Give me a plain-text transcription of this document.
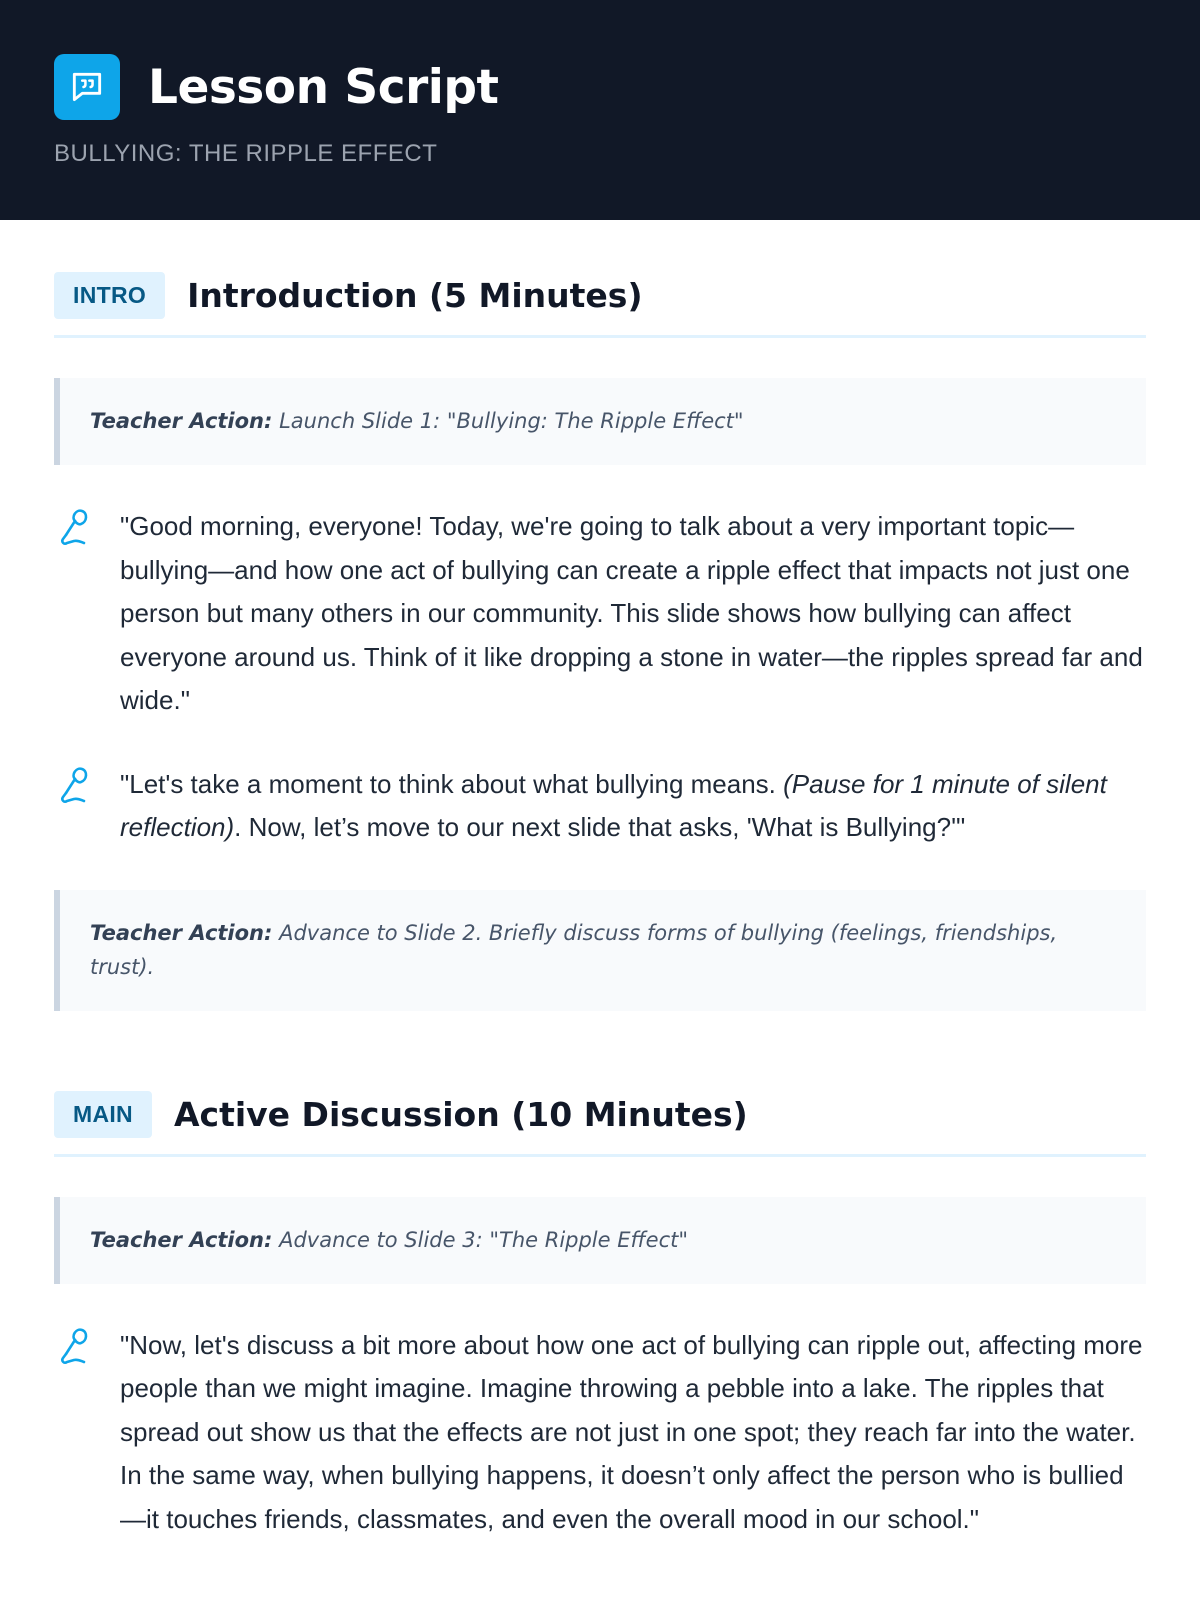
Lesson Script
BULLYING: THE RIPPLE EFFECT
INTRO	Introduction (5 Minutes)
Teacher Action: Launch Slide 1: "Bullying: The Ripple Effect"
"Good morning, everyone! Today, we're going to talk about a very important topic—bullying—and how one act of bullying can create a ripple effect that impacts not just one person but many others in our community. This slide shows how bullying can affect everyone around us. Think of it like dropping a stone in water—the ripples spread far and wide."
"Let's take a moment to think about what bullying means. (Pause for 1 minute of silent reflection). Now, let’s move to our next slide that asks, 'What is Bullying?'"
Teacher Action: Advance to Slide 2. Briefly discuss forms of bullying (feelings, friendships, trust).
MAIN	Active Discussion (10 Minutes)
Teacher Action: Advance to Slide 3: "The Ripple Effect"
"Now, let's discuss a bit more about how one act of bullying can ripple out, affecting more people than we might imagine. Imagine throwing a pebble into a lake. The ripples that spread out show us that the effects are not just in one spot; they reach far into the water. In the same way, when bullying happens, it doesn’t only affect the person who is bullied—it touches friends, classmates, and even the overall mood in our school."
